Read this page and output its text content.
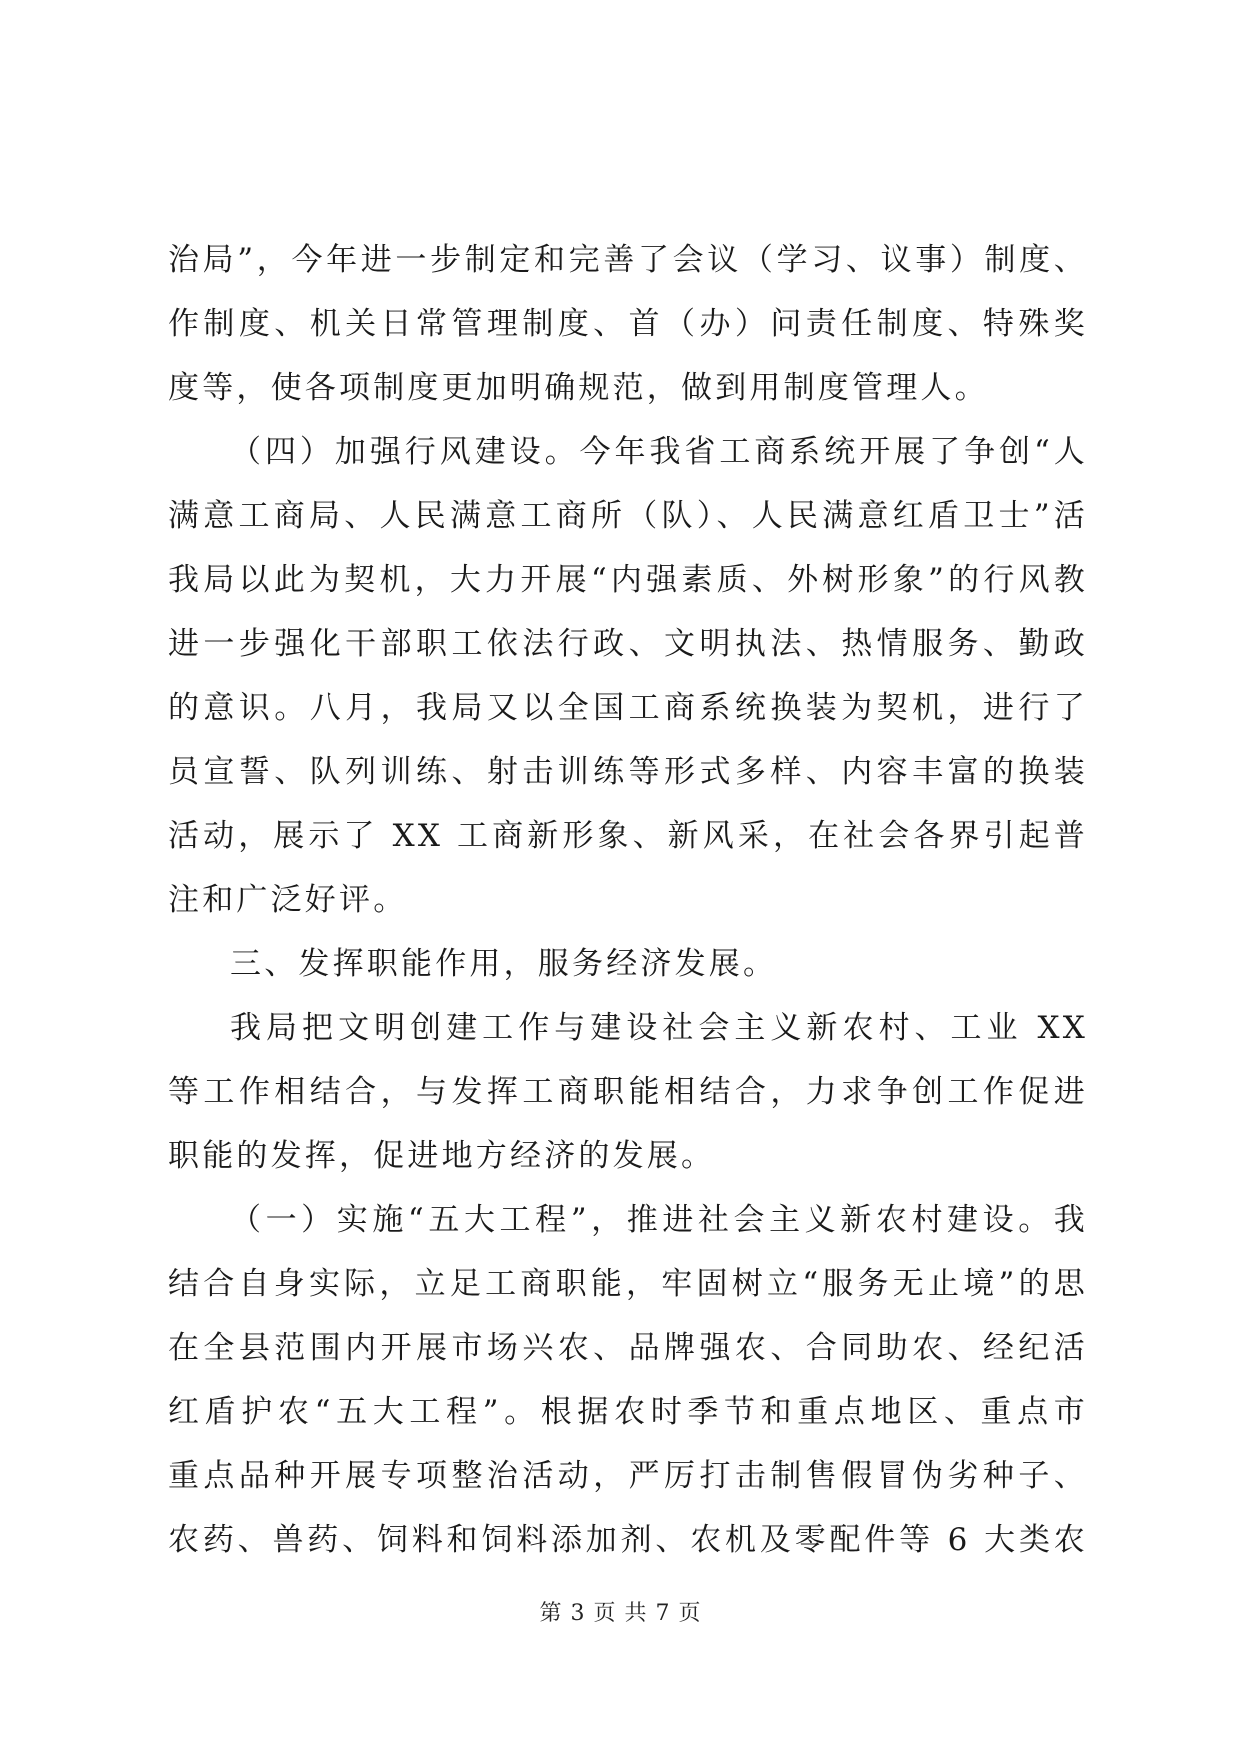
治局”，今年进一步制定和完善了会议（学习、议事）制度、
作制度、机关日常管理制度、首（办）问责任制度、特殊奖
度等，使各项制度更加明确规范，做到用制度管理人。
（四）加强行风建设。今年我省工商系统开展了争创“人
满意工商局、人民满意工商所（队）、人民满意红盾卫士”活
我局以此为契机，大力开展“内强素质、外树形象”的行风教
进一步强化干部职工依法行政、文明执法、热情服务、勤政
的意识。八月，我局又以全国工商系统换装为契机，进行了
员宣誓、队列训练、射击训练等形式多样、内容丰富的换装
活动，展示了 XX 工商新形象、新风采，在社会各界引起普
注和广泛好评。
三、发挥职能作用，服务经济发展。
我局把文明创建工作与建设社会主义新农村、工业 XX
等工作相结合，与发挥工商职能相结合，力求争创工作促进
职能的发挥，促进地方经济的发展。
（一）实施“五大工程”，推进社会主义新农村建设。我
结合自身实际，立足工商职能，牢固树立“服务无止境”的思
在全县范围内开展市场兴农、品牌强农、合同助农、经纪活
红盾护农“五大工程”。根据农时季节和重点地区、重点市
重点品种开展专项整治活动，严厉打击制售假冒伪劣种子、
农药、兽药、饲料和饲料添加剂、农机及零配件等 6 大类农
第 3 页 共 7 页
